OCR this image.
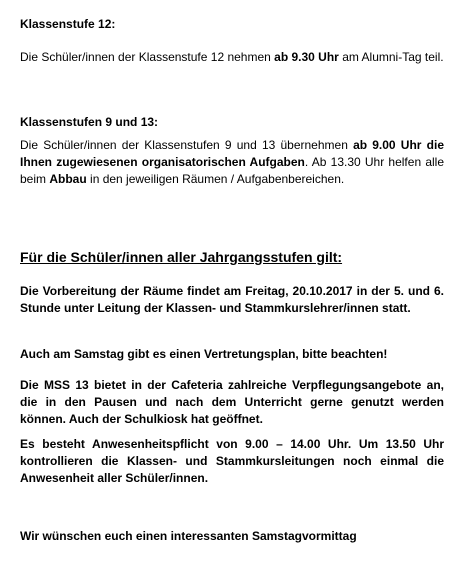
Klassenstufe 12:

Die Schüler/innen der Klassenstufe 12 nehmen ab 9.30 Uhr am Alumni-Tag teil.

Klassenstufen 9 und 13:

Die Schüler/innen der Klassenstufen 9 und 13 übernehmen ab 9.00 Uhr die Ihnen zugewiesenen organisatorischen Aufgaben. Ab 13.30 Uhr helfen alle beim Abbau in den jeweiligen Räumen / Aufgabenbereichen.

Für die Schüler/innen aller Jahrgangsstufen gilt:

Die Vorbereitung der Räume findet am Freitag, 20.10.2017 in der 5. und 6. Stunde unter Leitung der Klassen- und Stammkurslehrer/innen statt.

Auch am Samstag gibt es einen Vertretungsplan, bitte beachten!

Die MSS 13 bietet in der Cafeteria zahlreiche Verpflegungsangebote an, die in den Pausen und nach dem Unterricht gerne genutzt werden können. Auch der Schulkiosk hat geöffnet.

Es besteht Anwesenheitspflicht von 9.00 – 14.00 Uhr. Um 13.50 Uhr kontrollieren die Klassen- und Stammkursleitungen noch einmal die Anwesenheit aller Schüler/innen.

Wir wünschen euch einen interessanten Samstagvormittag
